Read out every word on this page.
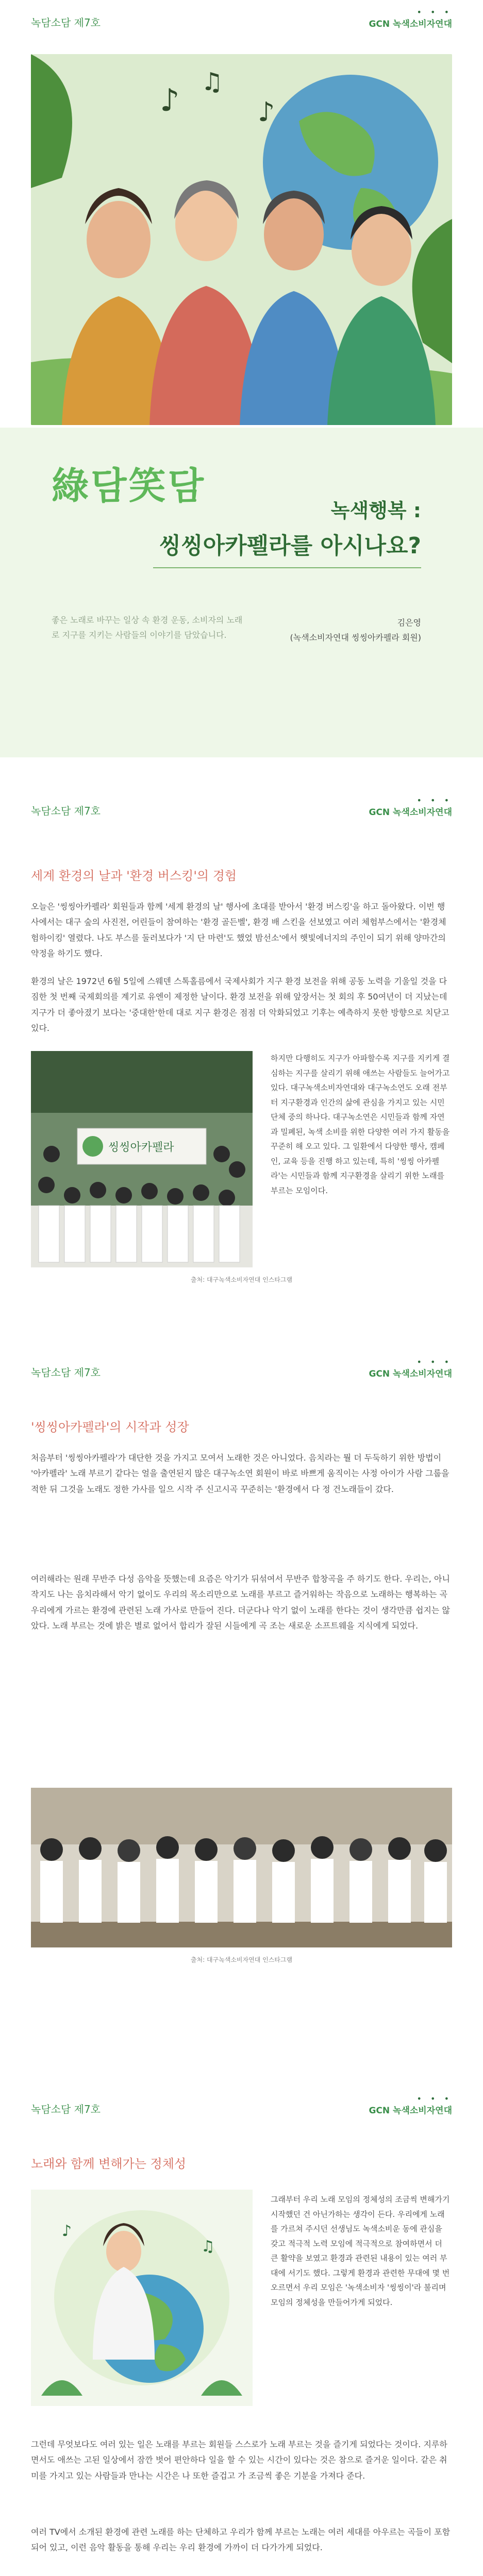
녹담소담 제7호
• • •
GCN 녹색소비자연대
♪
♫
♪
綠담笑담
녹색행복 :
씽씽아카펠라를 아시나요?
좋은 노래로 바꾸는 일상 속 환경 운동, 소비자의 노래로 지구를 지키는 사람들의 이야기를 담았습니다.
김은영
(녹색소비자연대 씽씽아카펠라 회원)
녹담소담 제7호
• • •
GCN 녹색소비자연대
세계 환경의 날과 '환경 버스킹'의 경험
오늘은 '씽씽아카펠라' 회원들과 함께 '세계 환경의 날' 행사에 초대를 받아서 '환경 버스킹'을 하고 돌아왔다. 이번 행사에서는 대구 숲의 사진전, 어린들이 참여하는 '환경 골든벨', 환경 배 스킨을 선보였고 여러 체험부스에서는 '환경체험하이킹' 열렸다. 나도 부스를 둘러보다가 '지 단 마련'도 했었 밤선소'에서 햇빛에너지의 주인이 되기 위해 양마간의 약정을 하기도 했다.
환경의 날은 1972년 6월 5일에 스웨덴 스톡홀름에서 국제사회가 지구 환경 보전을 위해 공동 노력을 기울일 것을 다짐한 첫 번째 국제회의를 계기로 유엔이 제정한 날이다. 환경 보전을 위해 앞장서는 첫 회의 후 50여년이 더 지났는데 지구가 더 좋아졌기 보다는 '중대한'한데 대로 지구 환경은 점점 더 악화되었고 기후는 예측하지 못한 방향으로 치닫고 있다.
씽씽아카펠라
하지만 다행히도 지구가 아파할수록 지구를 지키게 결심하는 지구를 살리기 위해 애쓰는 사람들도 늘어가고 있다. 대구녹색소비자연대와 대구녹소연도 오래 전부터 지구환경과 인간의 삶에 관심을 가지고 있는 시민단체 중의 하나다. 대구녹소연은 시민들과 함께 자연과 밀폐된, 녹색 소비를 위한 다양한 여러 가지 활동을 꾸준히 해 오고 있다. 그 일환에서 다양한 행사, 캠페인, 교육 등을 진행 하고 있는데, 특히 '씽씽 아카펠라'는 시민들과 함께 지구환경을 살리기 위한 노래를 부르는 모임이다.
출처: 대구녹색소비자연대 인스타그램
녹담소담 제7호
• • •
GCN 녹색소비자연대
'씽씽아카펠라'의 시작과 성장
처음부터 '씽씽아카펠라'가 대단한 것을 가지고 모여서 노래한 것은 아니었다. 음치라는 뭘 더 두둑하기 위한 방법이 '아카펠라' 노래 부르기 같다는 얼을 출연된지 많은 대구녹소연 회원이 바로 바쁘게 움직이는 사정 아이가 사람 그룹을 적한 뒤 그것을 노래도 정한 가사를 일으 시작 주 신고시곡 꾸준히는 '환경에서 다 정 건노래들이 갔다.
여러해라는 원래 무반주 다성 음악을 뜻했는데 요즘은 악기가 뒤섞여서 무반주 합창곡을 주 하기도 한다. 우리는, 아니 작지도 나는 음치라해서 악기 없이도 우리의 목소리만으로 노래를 부르고 즐거워하는 작음으로 노래하는 행복하는 곡 우리에게 가르는 환경에 관련된 노래 가사로 만들어 진다. 더군다나 악기 없이 노래를 한다는 것이 생각만큼 쉽지는 않았다. 노래 부르는 것에 밝은 별로 없어서 합리가 잘된 시들에게 곡 조는 새로운 소프트웨을 지식에게 되었다.
출처: 대구녹색소비자연대 인스타그램
녹담소담 제7호
• • •
GCN 녹색소비자연대
노래와 함께 변해가는 정체성
♪
♫
그래부터 우리 노래 모임의 정체성의 조금씩 변해가기 시작했던 건 아닌가하는 생각이 든다. 우리에게 노래를 가르쳐 주시던 선생님도 녹색소비운 동에 관심을 갖고 적극적 노력 모임에 적극적으로 참여하면서 더 큰 활약을 보였고 환경과 관련된 내용이 있는 여러 부대에 서기도 했다. 그렇게 환경과 관련한 무대에 몇 번 오르면서 우리 모임은 '녹색소비자 '씽씽이'라 불리며 모임의 정체성을 만들어가게 되었다.
그런데 무엇보다도 여러 있는 일은 노래를 부르는 회원들 스스로가 노래 부르는 것을 즐기게 되었다는 것이다. 지루하면서도 애쓰는 고된 일상에서 잠깐 벗어 편안하다 일을 할 수 있는 시간이 있다는 것은 참으로 즐거운 일이다. 같은 취미를 가지고 있는 사람들과 만나는 시간은 나 또한 즐겁고 가 조금씩 좋은 기분을 가져다 준다.
여러 TV에서 소개된 환경에 관련 노래를 하는 단체하고 우리가 함께 부르는 노래는 여러 세대를 아우르는 곡들이 포함되어 있고, 이런 음악 활동을 통해 우리는 우리 환경에 가까이 더 다가가게 되었다.
